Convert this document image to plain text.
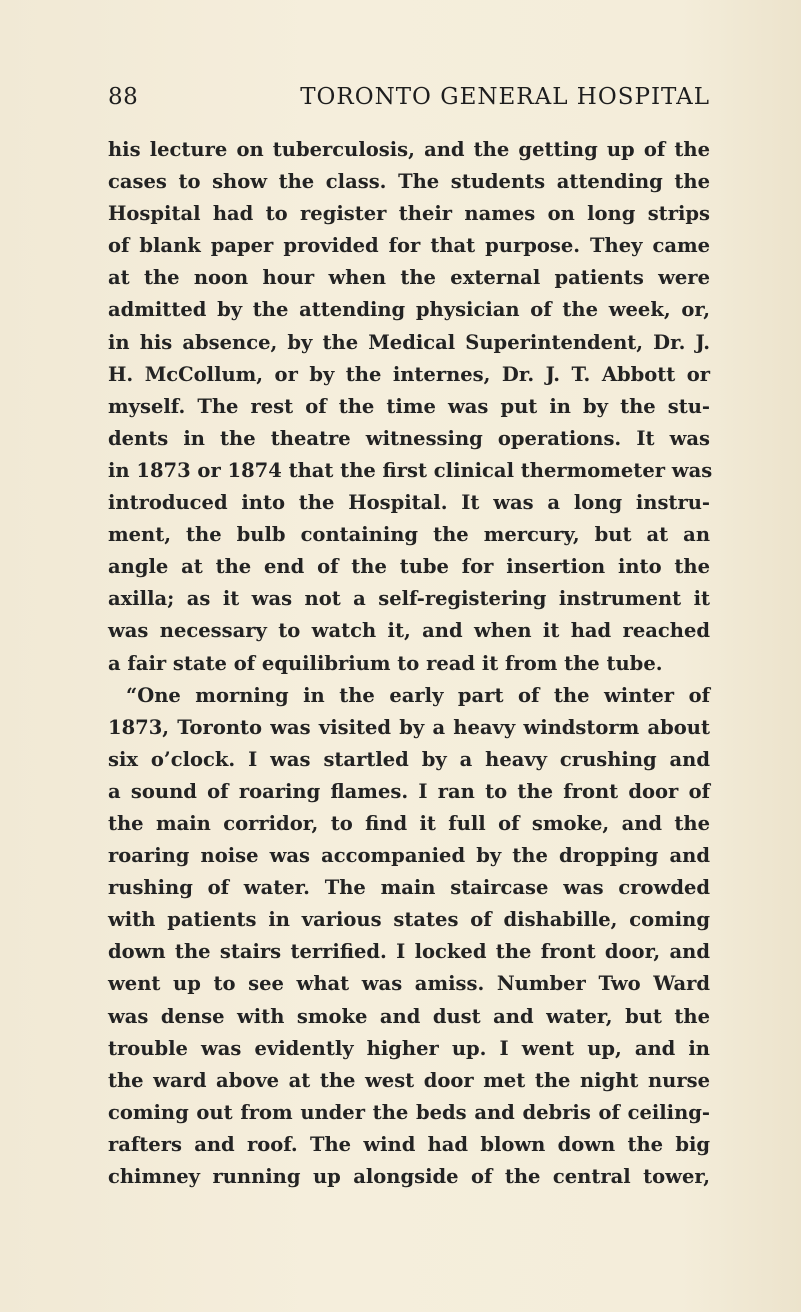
88	TORONTO GENERAL HOSPITAL
his lecture on tuberculosis, and the getting up of the
cases to show the class. The students attending the
Hospital had to register their names on long strips
of blank paper provided for that purpose. They came
at the noon hour when the external patients were
admitted by the attending physician of the week, or,
in his absence, by the Medical Superintendent, Dr. J.
H. McCollum, or by the internes, Dr. J. T. Abbott or
myself. The rest of the time was put in by the stu-
dents in the theatre witnessing operations. It was
in 1873 or 1874 that the first clinical thermometer was
introduced into the Hospital. It was a long instru-
ment, the bulb containing the mercury, but at an
angle at the end of the tube for insertion into the
axilla; as it was not a self-registering instrument it
was necessary to watch it, and when it had reached
a fair state of equilibrium to read it from the tube.
“One morning in the early part of the winter of
1873, Toronto was visited by a heavy windstorm about
six o’clock. I was startled by a heavy crushing and
a sound of roaring flames. I ran to the front door of
the main corridor, to find it full of smoke, and the
roaring noise was accompanied by the dropping and
rushing of water. The main staircase was crowded
with patients in various states of dishabille, coming
down the stairs terrified. I locked the front door, and
went up to see what was amiss. Number Two Ward
was dense with smoke and dust and water, but the
trouble was evidently higher up. I went up, and in
the ward above at the west door met the night nurse
coming out from under the beds and debris of ceiling-
rafters and roof. The wind had blown down the big
chimney running up alongside of the central tower,
